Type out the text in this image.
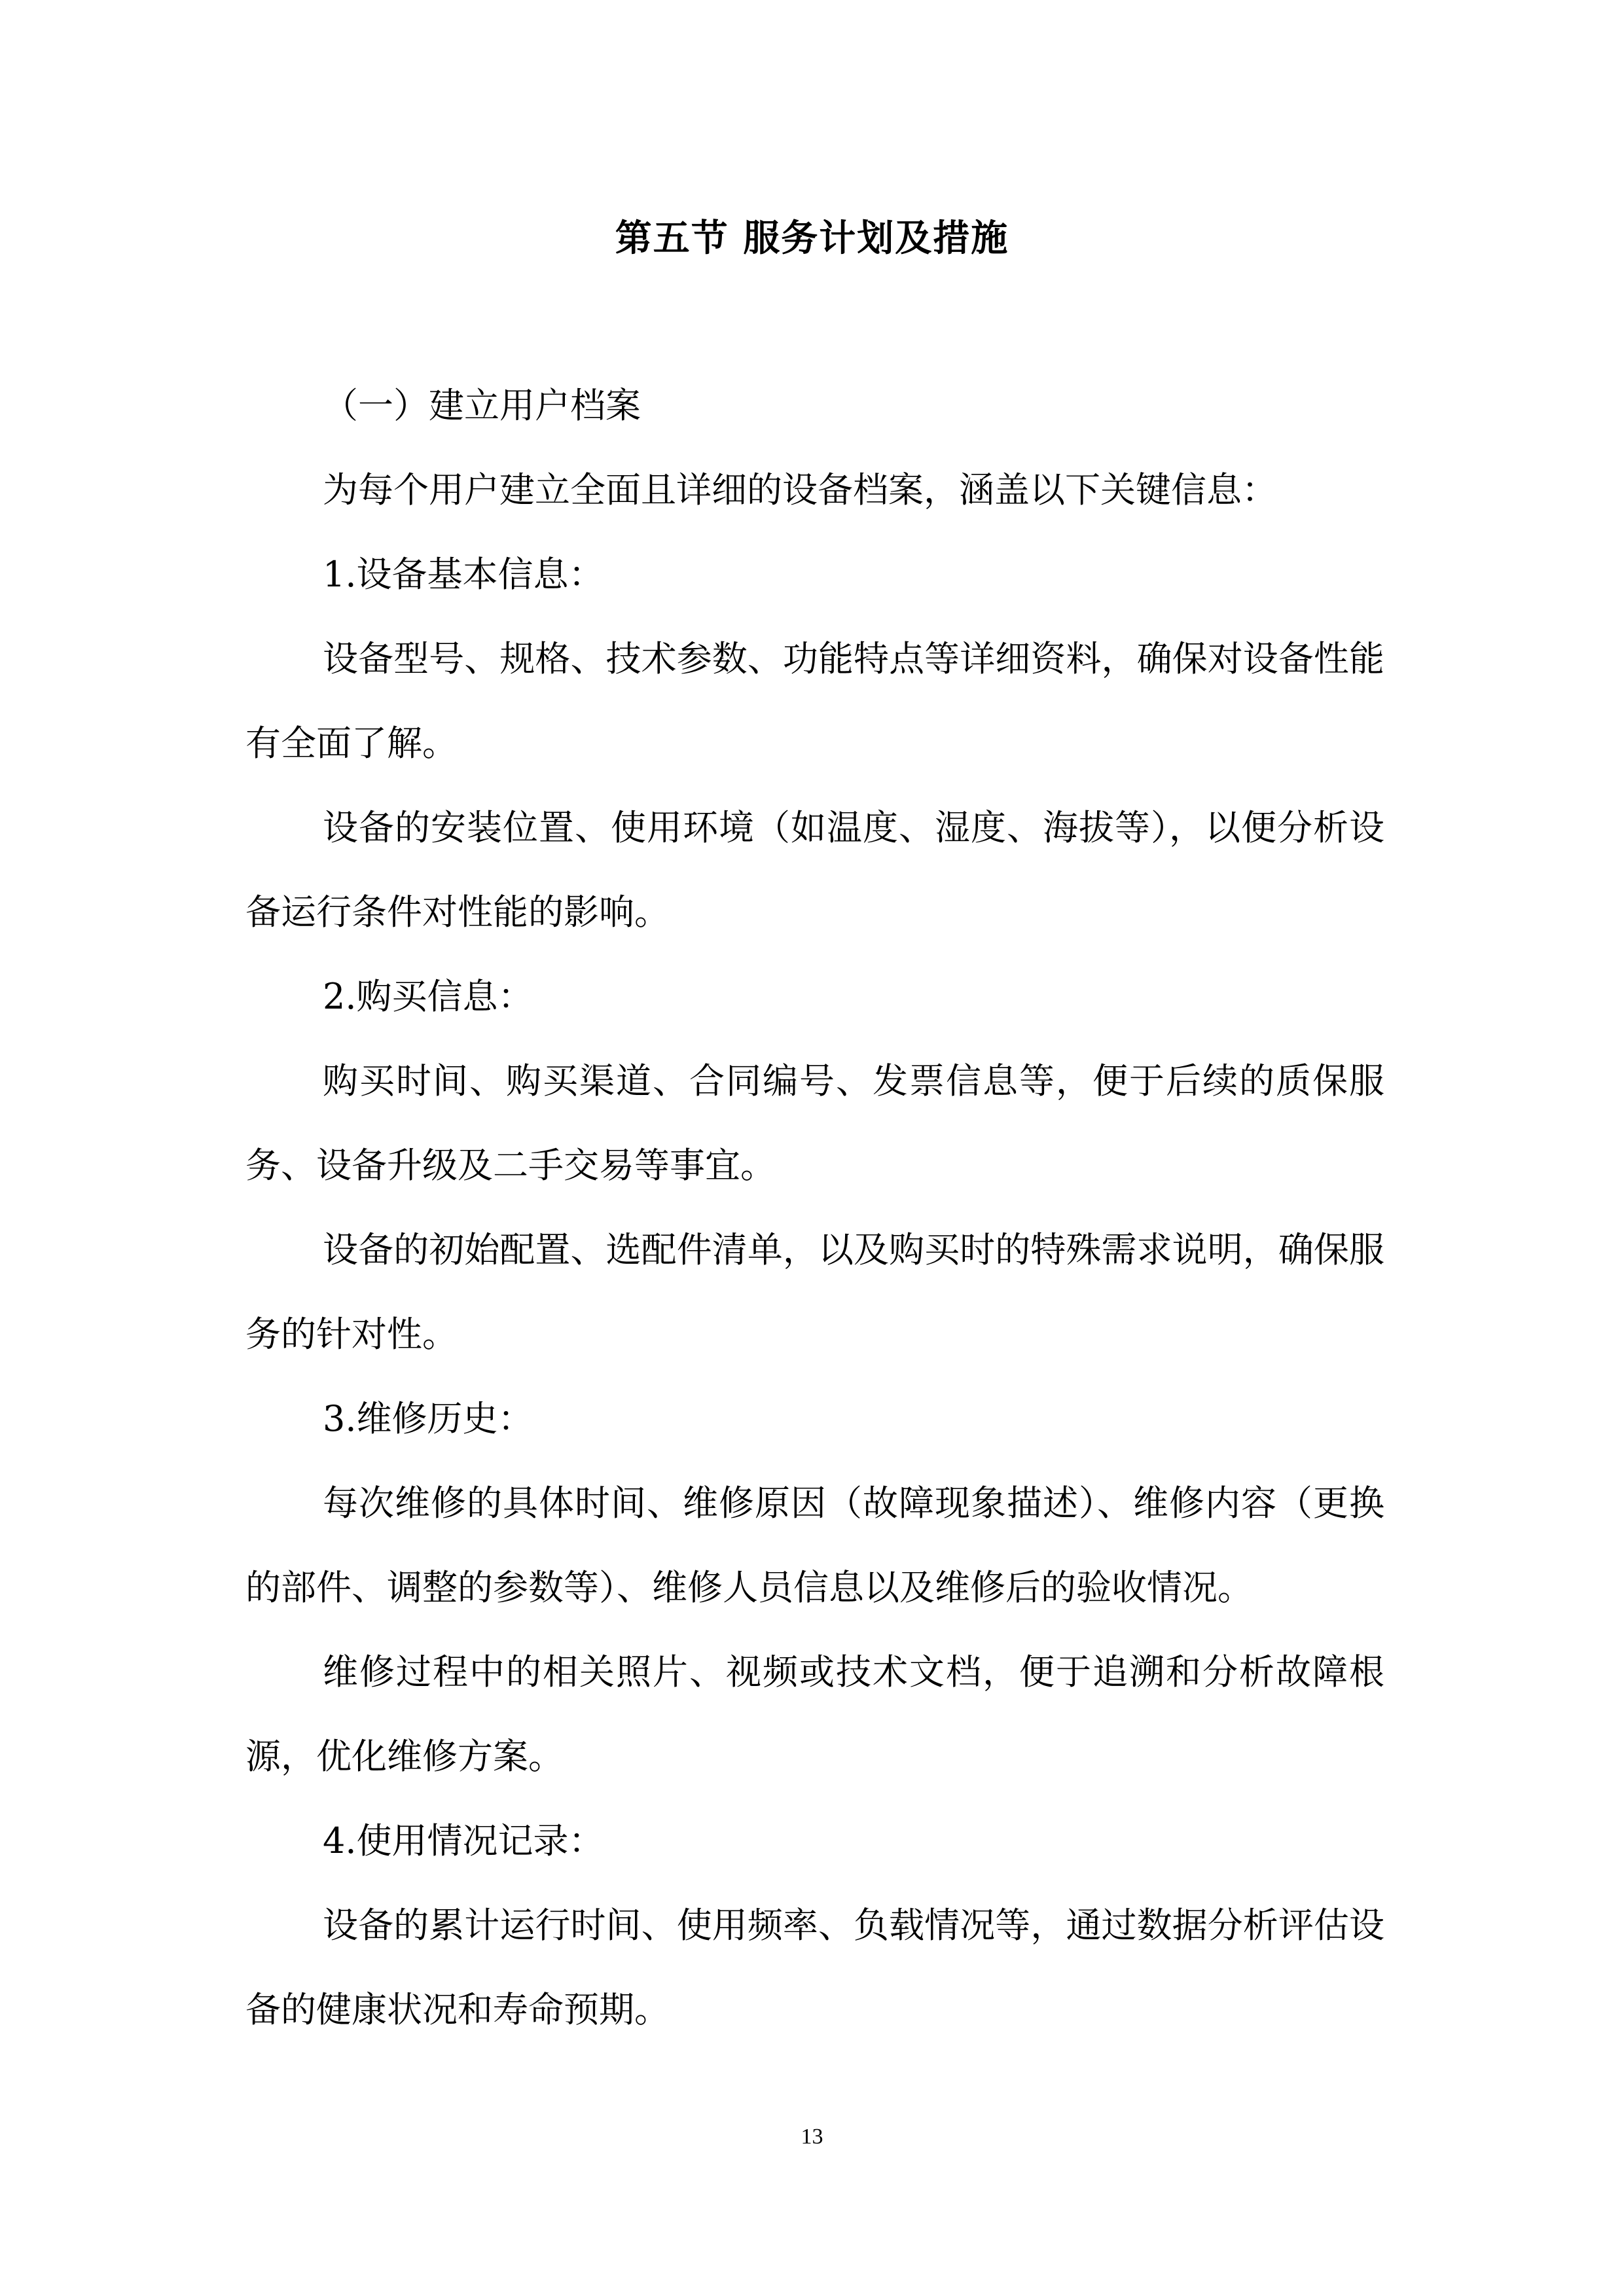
第五节 服务计划及措施

（一）建立用户档案

为每个用户建立全面且详细的设备档案，涵盖以下关键信息：

1.设备基本信息：

设备型号、规格、技术参数、功能特点等详细资料，确保对设备性能有全面了解。

设备的安装位置、使用环境（如温度、湿度、海拔等），以便分析设备运行条件对性能的影响。

2.购买信息：

购买时间、购买渠道、合同编号、发票信息等，便于后续的质保服务、设备升级及二手交易等事宜。

设备的初始配置、选配件清单，以及购买时的特殊需求说明，确保服务的针对性。

3.维修历史：

每次维修的具体时间、维修原因（故障现象描述）、维修内容（更换的部件、调整的参数等）、维修人员信息以及维修后的验收情况。

维修过程中的相关照片、视频或技术文档，便于追溯和分析故障根源，优化维修方案。

4.使用情况记录：

设备的累计运行时间、使用频率、负载情况等，通过数据分析评估设备的健康状况和寿命预期。

13
